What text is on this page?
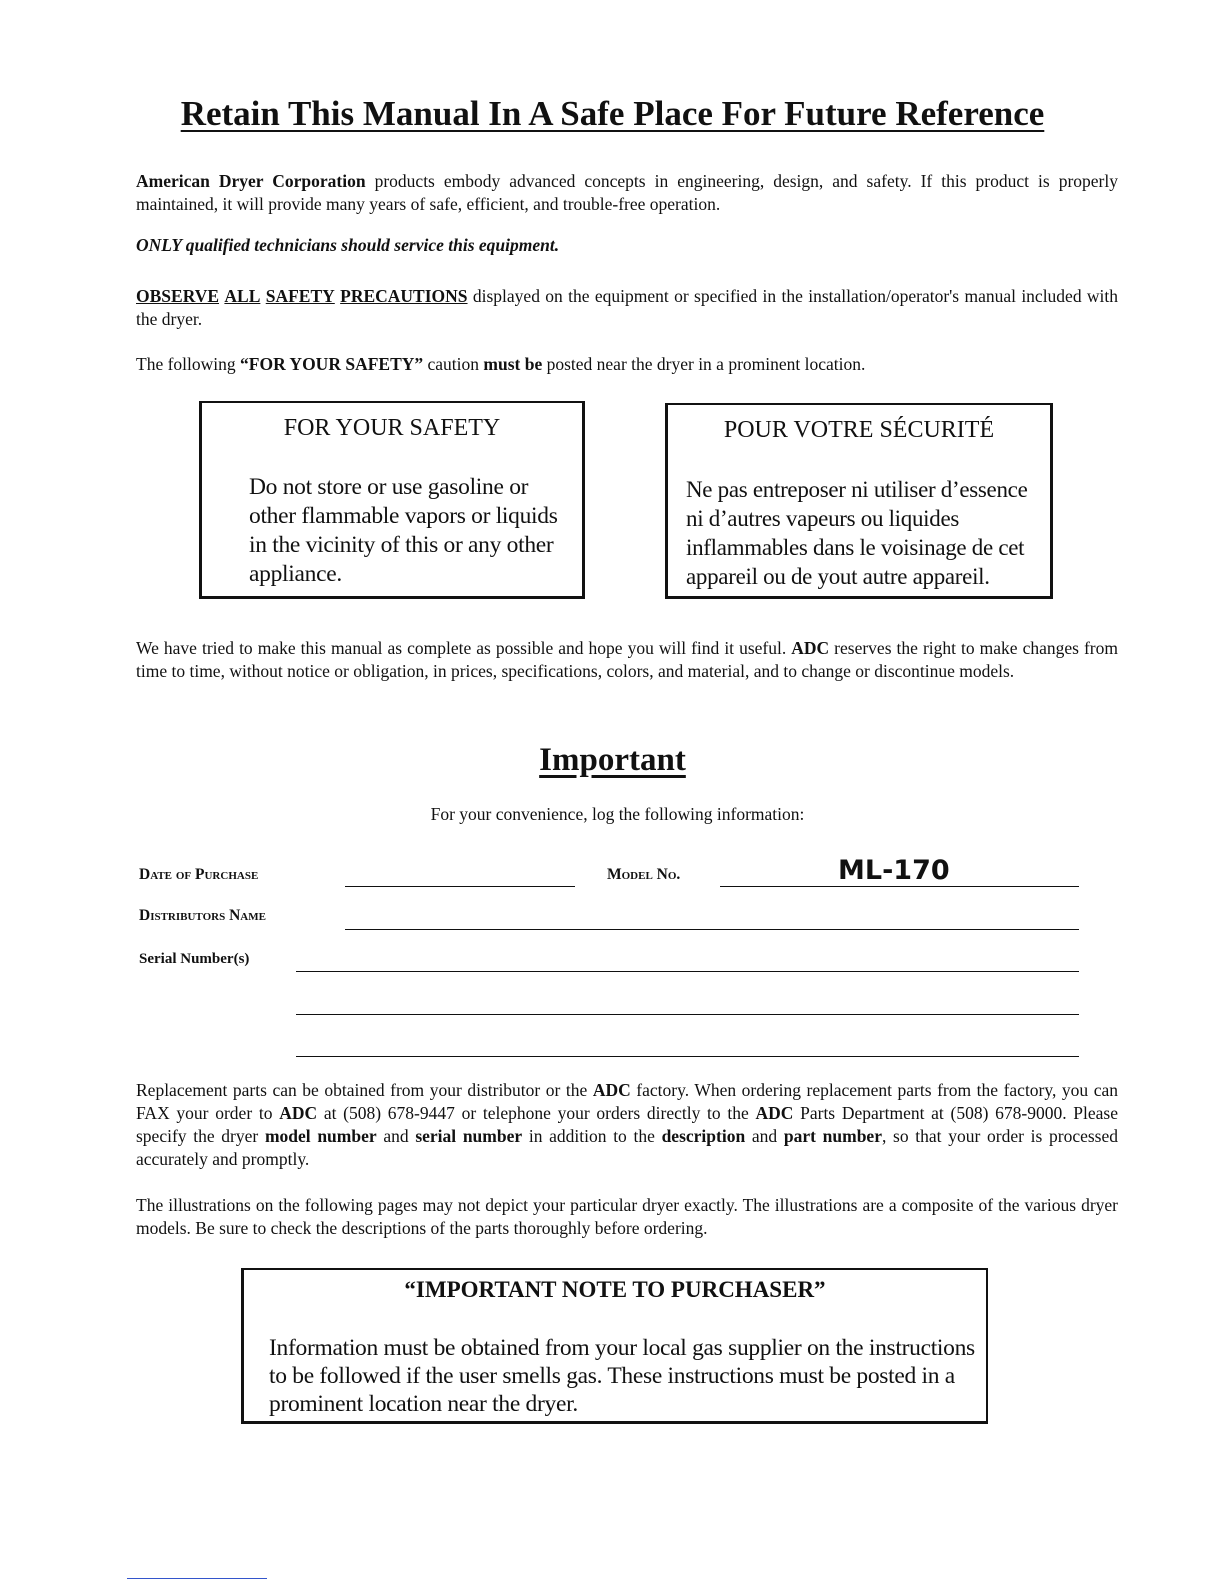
Retain This Manual In A Safe Place For Future Reference

American Dryer Corporation products embody advanced concepts in engineering, design, and safety. If this product is properly maintained, it will provide many years of safe, efficient, and trouble-free operation.

ONLY qualified technicians should service this equipment.

OBSERVE ALL SAFETY PRECAUTIONS displayed on the equipment or specified in the installation/operator's manual included with the dryer.

The following “FOR YOUR SAFETY” caution must be posted near the dryer in a prominent location.

FOR YOUR SAFETY
Do not store or use gasoline or
other flammable vapors or liquids
in the vicinity of this or any other
appliance.
POUR VOTRE SÉCURITÉ
Ne pas entreposer ni utiliser d’essence
ni d’autres vapeurs ou liquides
inflammables dans le voisinage de cet
appareil ou de yout autre appareil.

We have tried to make this manual as complete as possible and hope you will find it useful. ADC reserves the right to make changes from time to time, without notice or obligation, in prices, specifications, colors, and material, and to change or discontinue models.

Important
For your convenience, log the following information:
Date of Purchase	Model No.	ML-170
Distributors Name
Serial Number(s)

Replacement parts can be obtained from your distributor or the ADC factory. When ordering replacement parts from the factory, you can FAX your order to ADC at (508) 678-9447 or telephone your orders directly to the ADC Parts Department at (508) 678-9000. Please specify the dryer model number and serial number in addition to the description and part number, so that your order is processed accurately and promptly.

The illustrations on the following pages may not depict your particular dryer exactly. The illustrations are a composite of the various dryer models. Be sure to check the descriptions of the parts thoroughly before ordering.

“IMPORTANT NOTE TO PURCHASER”
Information must be obtained from your local gas supplier on the instructions
to be followed if the user smells gas. These instructions must be posted in a
prominent location near the dryer.
